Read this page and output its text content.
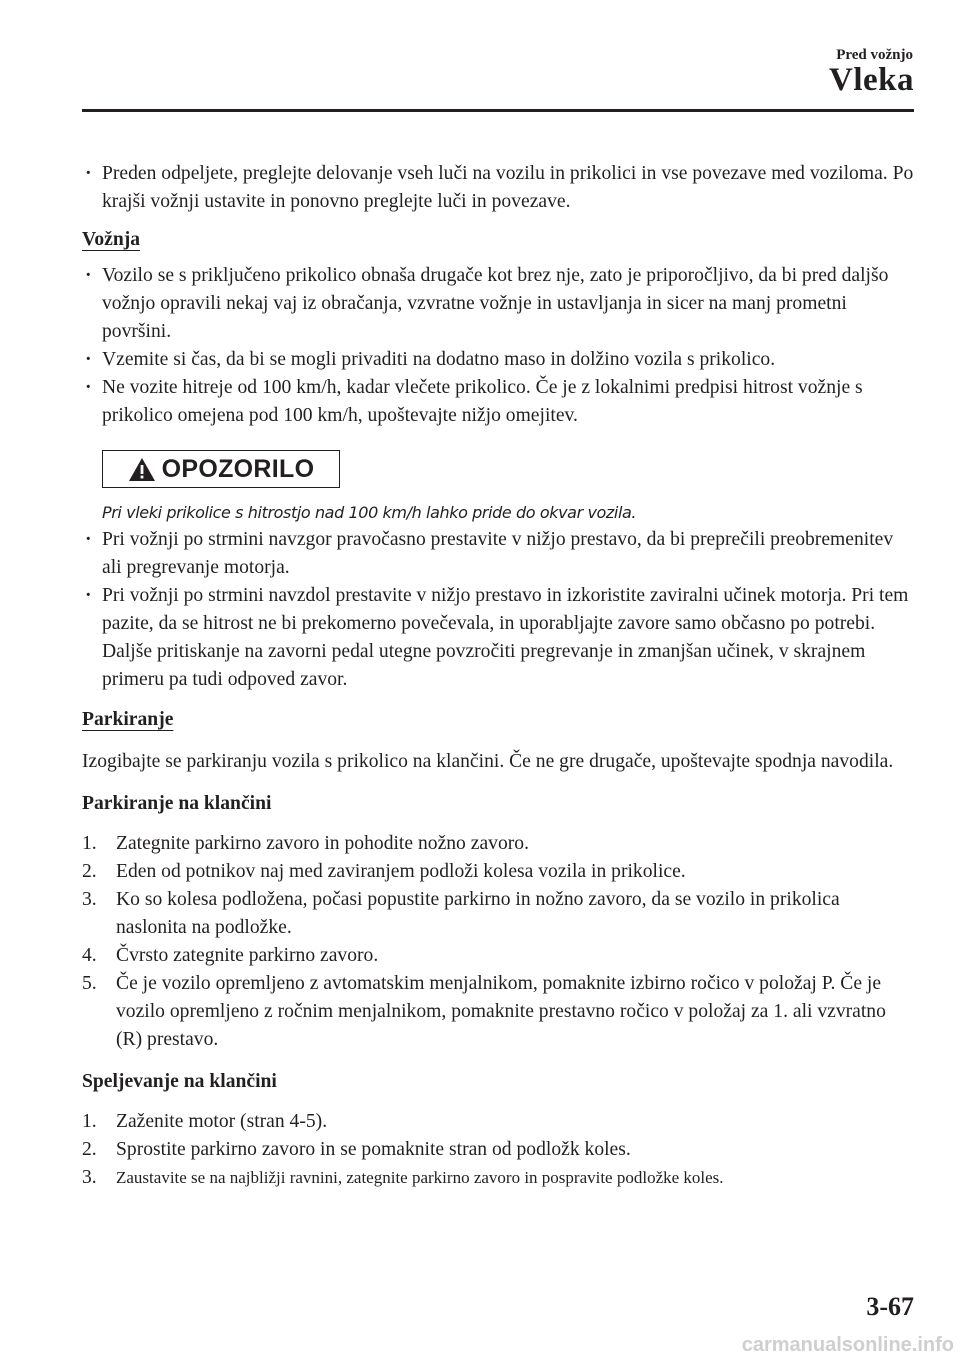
Pred vožnjo
Vleka
· Preden odpeljete, preglejte delovanje vseh luči na vozilu in prikolici in vse povezave med voziloma. Po krajši vožnji ustavite in ponovno preglejte luči in povezave.
Vožnja
· Vozilo se s priključeno prikolico obnaša drugače kot brez nje, zato je priporočljivo, da bi pred daljšo vožnjo opravili nekaj vaj iz obračanja, vzvratne vožnje in ustavljanja in sicer na manj prometni površini.
· Vzemite si čas, da bi se mogli privaditi na dodatno maso in dolžino vozila s prikolico.
· Ne vozite hitreje od 100 km/h, kadar vlečete prikolico. Če je z lokalnimi predpisi hitrost vožnje s prikolico omejena pod 100 km/h, upoštevajte nižjo omejitev.
OPOZORILO
Pri vleki prikolice s hitrostjo nad 100 km/h lahko pride do okvar vozila.
· Pri vožnji po strmini navzgor pravočasno prestavite v nižjo prestavo, da bi preprečili preobremenitev ali pregrevanje motorja.
· Pri vožnji po strmini navzdol prestavite v nižjo prestavo in izkoristite zaviralni učinek motorja. Pri tem pazite, da se hitrost ne bi prekomerno povečevala, in uporabljajte zavore samo občasno po potrebi. Daljše pritiskanje na zavorni pedal utegne povzročiti pregrevanje in zmanjšan učinek, v skrajnem primeru pa tudi odpoved zavor.
Parkiranje

Izogibajte se parkiranju vozila s prikolico na klančini. Če ne gre drugače, upoštevajte spodnja navodila.

Parkiranje na klančini
1. Zategnite parkirno zavoro in pohodite nožno zavoro.
2. Eden od potnikov naj med zaviranjem podloži kolesa vozila in prikolice.
3. Ko so kolesa podložena, počasi popustite parkirno in nožno zavoro, da se vozilo in prikolica naslonita na podložke.
4. Čvrsto zategnite parkirno zavoro.
5. Če je vozilo opremljeno z avtomatskim menjalnikom, pomaknite izbirno ročico v položaj P. Če je vozilo opremljeno z ročnim menjalnikom, pomaknite prestavno ročico v položaj za 1. ali vzvratno (R) prestavo.
Speljevanje na klančini
1. Zaženite motor (stran 4-5).
2. Sprostite parkirno zavoro in se pomaknite stran od podložk koles.
3. Zaustavite se na najbližji ravnini, zategnite parkirno zavoro in pospravite podložke koles.
3-67
carmanualsonline.info
